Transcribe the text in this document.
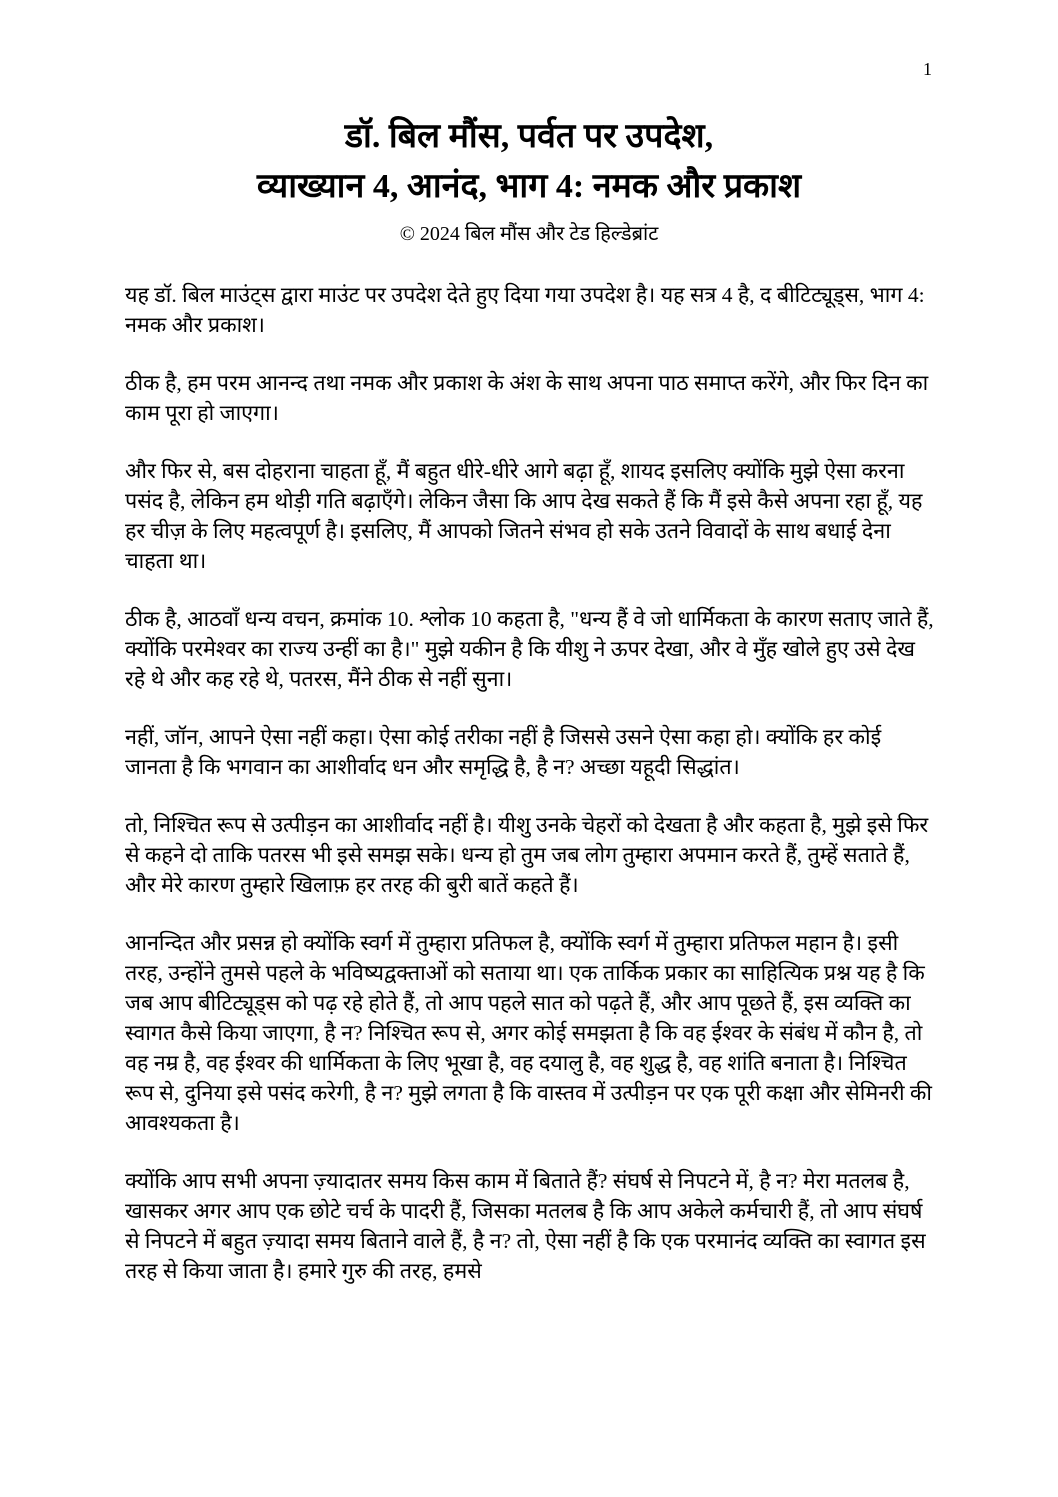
1
डॉ. बिल मौंस, पर्वत पर उपदेश,
व्याख्यान 4, आनंद, भाग 4: नमक और प्रकाश
© 2024 बिल मौंस और टेड हिल्डेब्रांट

यह डॉ. बिल माउंट्स द्वारा माउंट पर उपदेश देते हुए दिया गया उपदेश है। यह सत्र 4 है, द बीटिट्यूड्स, भाग 4: नमक और प्रकाश।

ठीक है, हम परम आनन्द तथा नमक और प्रकाश के अंश के साथ अपना पाठ समाप्त करेंगे, और फिर दिन का काम पूरा हो जाएगा।

और फिर से, बस दोहराना चाहता हूँ, मैं बहुत धीरे-धीरे आगे बढ़ा हूँ, शायद इसलिए क्योंकि मुझे ऐसा करना पसंद है, लेकिन हम थोड़ी गति बढ़ाएँगे। लेकिन जैसा कि आप देख सकते हैं कि मैं इसे कैसे अपना रहा हूँ, यह हर चीज़ के लिए महत्वपूर्ण है। इसलिए, मैं आपको जितने संभव हो सके उतने विवादों के साथ बधाई देना चाहता था।

ठीक है, आठवाँ धन्य वचन, क्रमांक 10. श्लोक 10 कहता है, "धन्य हैं वे जो धार्मिकता के कारण सताए जाते हैं, क्योंकि परमेश्वर का राज्य उन्हीं का है।" मुझे यकीन है कि यीशु ने ऊपर देखा, और वे मुँह खोले हुए उसे देख रहे थे और कह रहे थे, पतरस, मैंने ठीक से नहीं सुना।

नहीं, जॉन, आपने ऐसा नहीं कहा। ऐसा कोई तरीका नहीं है जिससे उसने ऐसा कहा हो। क्योंकि हर कोई जानता है कि भगवान का आशीर्वाद धन और समृद्धि है, है न? अच्छा यहूदी सिद्धांत।

तो, निश्चित रूप से उत्पीड़न का आशीर्वाद नहीं है। यीशु उनके चेहरों को देखता है और कहता है, मुझे इसे फिर से कहने दो ताकि पतरस भी इसे समझ सके। धन्य हो तुम जब लोग तुम्हारा अपमान करते हैं, तुम्हें सताते हैं, और मेरे कारण तुम्हारे खिलाफ़ हर तरह की बुरी बातें कहते हैं।

आनन्दित और प्रसन्न हो क्योंकि स्वर्ग में तुम्हारा प्रतिफल है, क्योंकि स्वर्ग में तुम्हारा प्रतिफल महान है। इसी तरह, उन्होंने तुमसे पहले के भविष्यद्वक्ताओं को सताया था। एक तार्किक प्रकार का साहित्यिक प्रश्न यह है कि जब आप बीटिट्यूड्स को पढ़ रहे होते हैं, तो आप पहले सात को पढ़ते हैं, और आप पूछते हैं, इस व्यक्ति का स्वागत कैसे किया जाएगा, है न? निश्चित रूप से, अगर कोई समझता है कि वह ईश्वर के संबंध में कौन है, तो वह नम्र है, वह ईश्वर की धार्मिकता के लिए भूखा है, वह दयालु है, वह शुद्ध है, वह शांति बनाता है। निश्चित रूप से, दुनिया इसे पसंद करेगी, है न? मुझे लगता है कि वास्तव में उत्पीड़न पर एक पूरी कक्षा और सेमिनरी की आवश्यकता है।

क्योंकि आप सभी अपना ज़्यादातर समय किस काम में बिताते हैं? संघर्ष से निपटने में, है न? मेरा मतलब है, खासकर अगर आप एक छोटे चर्च के पादरी हैं, जिसका मतलब है कि आप अकेले कर्मचारी हैं, तो आप संघर्ष से निपटने में बहुत ज़्यादा समय बिताने वाले हैं, है न? तो, ऐसा नहीं है कि एक परमानंद व्यक्ति का स्वागत इस तरह से किया जाता है। हमारे गुरु की तरह, हमसे
